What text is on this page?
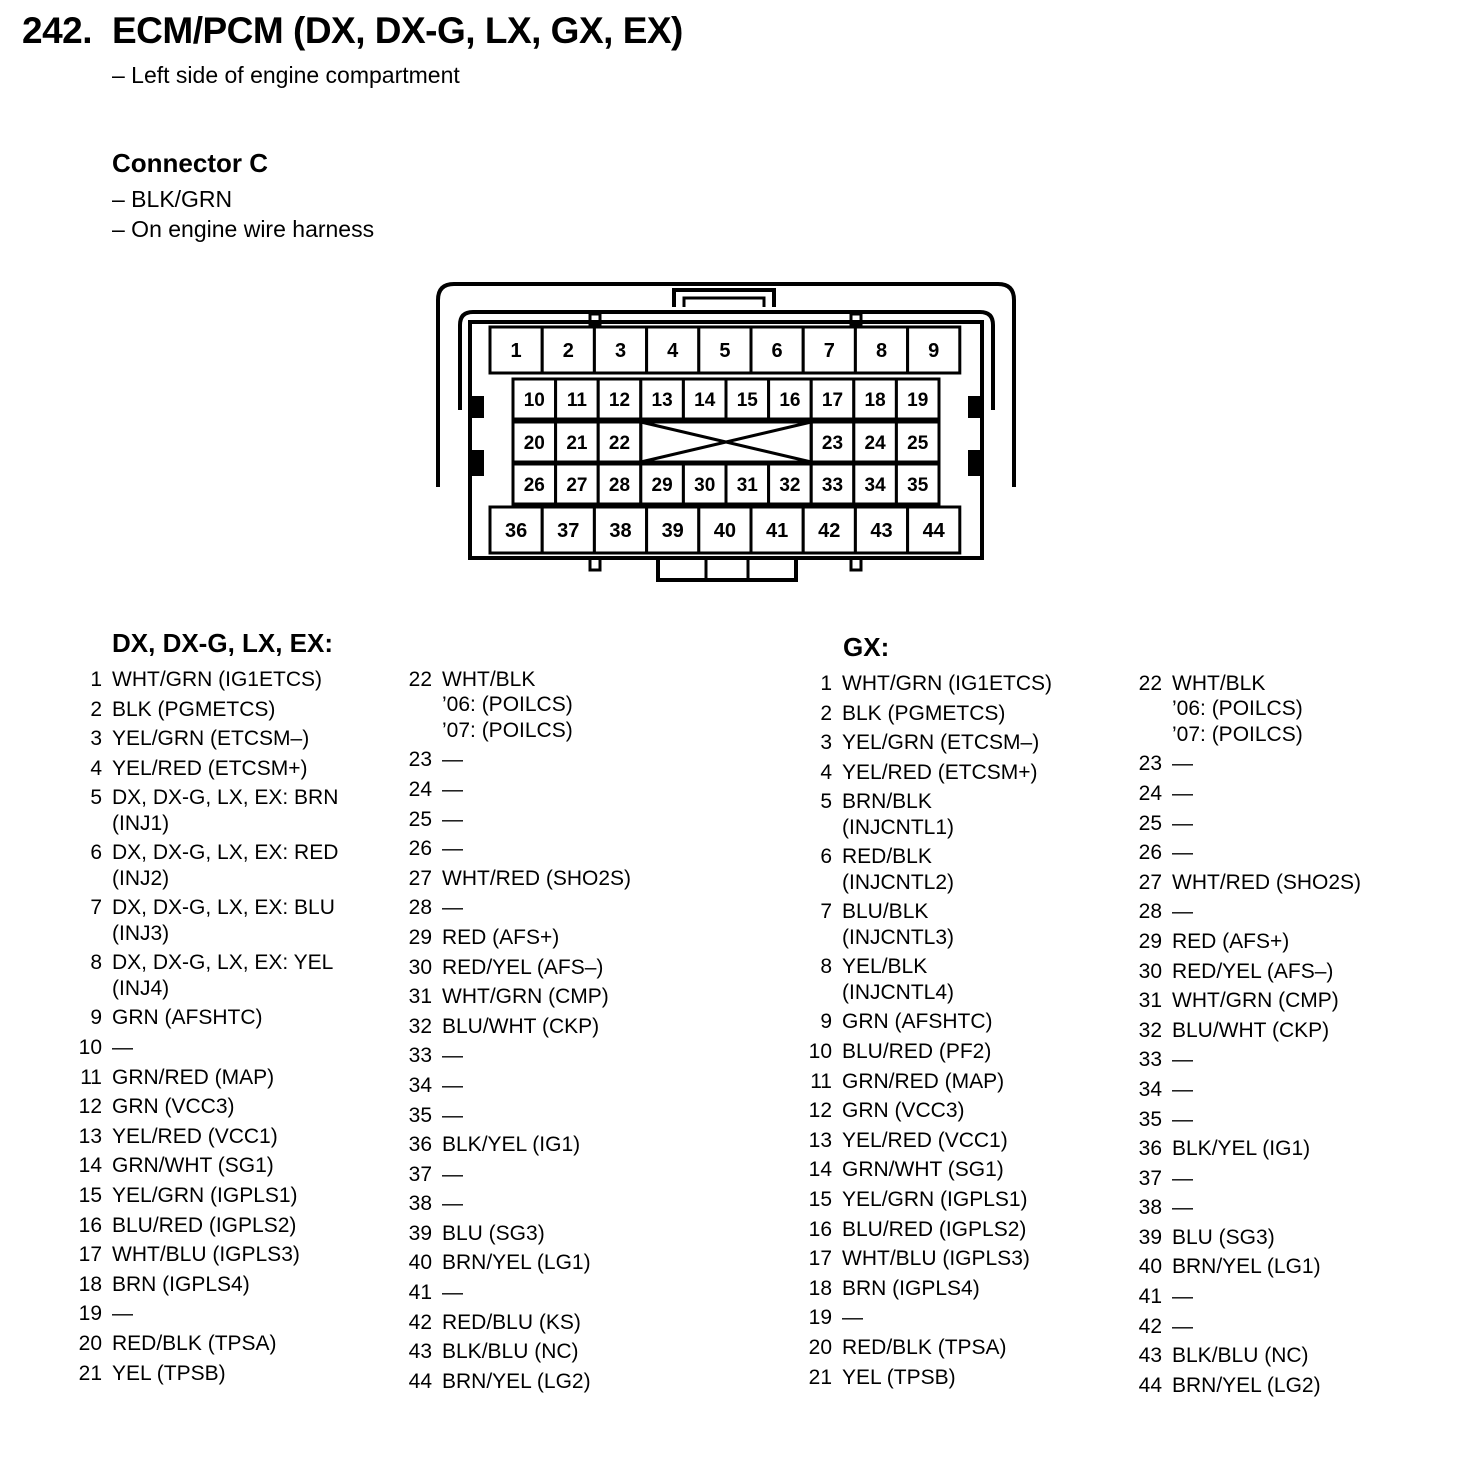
242. ECM/PCM (DX, DX-G, LX, GX, EX)
– Left side of engine compartment
Connector C
– BLK/GRN
– On engine wire harness
1 2 3 4 5 6 7 8 9
36 37 38 39 40 41 42 43 44
10 11 12 13 14 15 16 17 18 19
26 27 28 29 30 31 32 33 34 35
20 21 22	23 24 25
DX, DX-G, LX, EX:	GX:
1 WHT/GRN (IG1ETCS)
2 BLK (PGMETCS)
3 YEL/GRN (ETCSM–)
4 YEL/RED (ETCSM+)
5 DX, DX-G, LX, EX: BRN
(INJ1)
6 DX, DX-G, LX, EX: RED
(INJ2)
7 DX, DX-G, LX, EX: BLU
(INJ3)
8 DX, DX-G, LX, EX: YEL
(INJ4)
9 GRN (AFSHTC)
10 —
11 GRN/RED (MAP)
12 GRN (VCC3)
13 YEL/RED (VCC1)
14 GRN/WHT (SG1)
15 YEL/GRN (IGPLS1)
16 BLU/RED (IGPLS2)
17 WHT/BLU (IGPLS3)
18 BRN (IGPLS4)
19 —
20 RED/BLK (TPSA)
21 YEL (TPSB)
22 WHT/BLK
’06: (POILCS)
’07: (POILCS)
23 —
24 —
25 —
26 —
27 WHT/RED (SHO2S)
28 —
29 RED (AFS+)
30 RED/YEL (AFS–)
31 WHT/GRN (CMP)
32 BLU/WHT (CKP)
33 —
34 —
35 —
36 BLK/YEL (IG1)
37 —
38 —
39 BLU (SG3)
40 BRN/YEL (LG1)
41 —
42 RED/BLU (KS)
43 BLK/BLU (NC)
44 BRN/YEL (LG2)
1 WHT/GRN (IG1ETCS)
2 BLK (PGMETCS)
3 YEL/GRN (ETCSM–)
4 YEL/RED (ETCSM+)
5 BRN/BLK
(INJCNTL1)
6 RED/BLK
(INJCNTL2)
7 BLU/BLK
(INJCNTL3)
8 YEL/BLK
(INJCNTL4)
9 GRN (AFSHTC)
10 BLU/RED (PF2)
11 GRN/RED (MAP)
12 GRN (VCC3)
13 YEL/RED (VCC1)
14 GRN/WHT (SG1)
15 YEL/GRN (IGPLS1)
16 BLU/RED (IGPLS2)
17 WHT/BLU (IGPLS3)
18 BRN (IGPLS4)
19 —
20 RED/BLK (TPSA)
21 YEL (TPSB)
22 WHT/BLK
’06: (POILCS)
’07: (POILCS)
23 —
24 —
25 —
26 —
27 WHT/RED (SHO2S)
28 —
29 RED (AFS+)
30 RED/YEL (AFS–)
31 WHT/GRN (CMP)
32 BLU/WHT (CKP)
33 —
34 —
35 —
36 BLK/YEL (IG1)
37 —
38 —
39 BLU (SG3)
40 BRN/YEL (LG1)
41 —
42 —
43 BLK/BLU (NC)
44 BRN/YEL (LG2)
